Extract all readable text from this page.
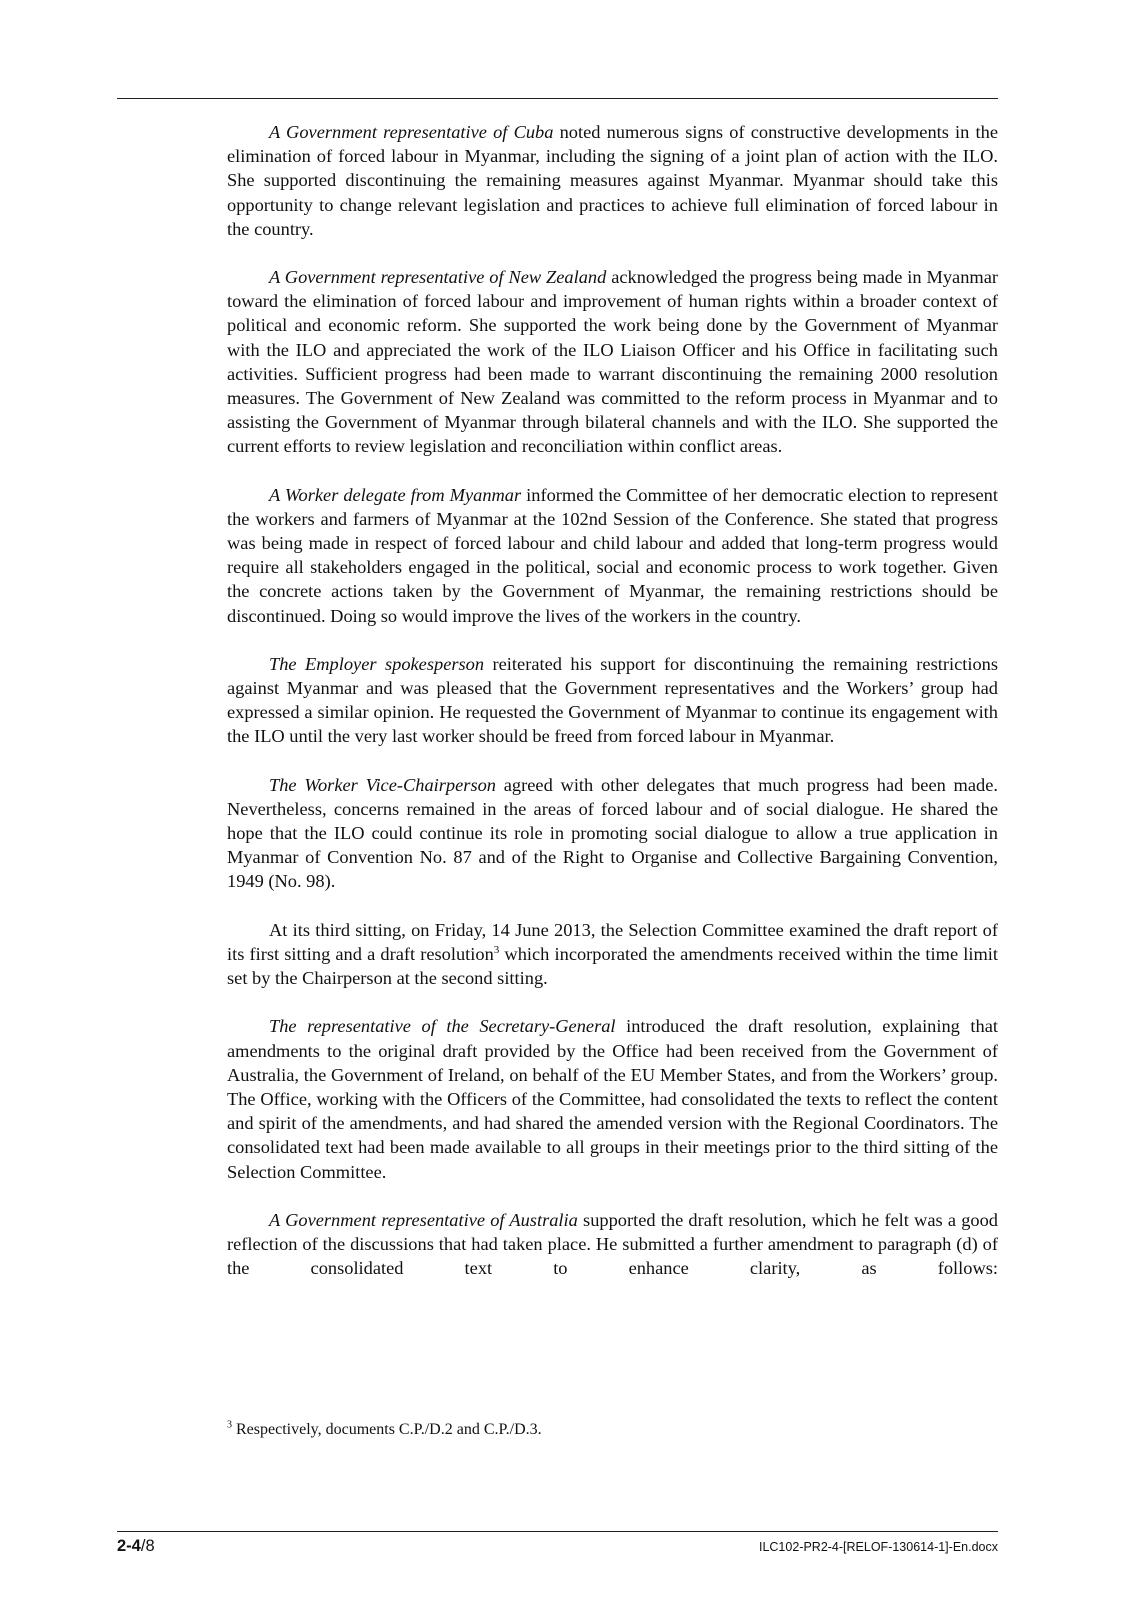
A Government representative of Cuba noted numerous signs of constructive developments in the elimination of forced labour in Myanmar, including the signing of a joint plan of action with the ILO. She supported discontinuing the remaining measures against Myanmar. Myanmar should take this opportunity to change relevant legislation and practices to achieve full elimination of forced labour in the country.

A Government representative of New Zealand acknowledged the progress being made in Myanmar toward the elimination of forced labour and improvement of human rights within a broader context of political and economic reform. She supported the work being done by the Government of Myanmar with the ILO and appreciated the work of the ILO Liaison Officer and his Office in facilitating such activities. Sufficient progress had been made to warrant discontinuing the remaining 2000 resolution measures. The Government of New Zealand was committed to the reform process in Myanmar and to assisting the Government of Myanmar through bilateral channels and with the ILO. She supported the current efforts to review legislation and reconciliation within conflict areas.

A Worker delegate from Myanmar informed the Committee of her democratic election to represent the workers and farmers of Myanmar at the 102nd Session of the Conference. She stated that progress was being made in respect of forced labour and child labour and added that long-term progress would require all stakeholders engaged in the political, social and economic process to work together. Given the concrete actions taken by the Government of Myanmar, the remaining restrictions should be discontinued. Doing so would improve the lives of the workers in the country.

The Employer spokesperson reiterated his support for discontinuing the remaining restrictions against Myanmar and was pleased that the Government representatives and the Workers’ group had expressed a similar opinion. He requested the Government of Myanmar to continue its engagement with the ILO until the very last worker should be freed from forced labour in Myanmar.

The Worker Vice-Chairperson agreed with other delegates that much progress had been made. Nevertheless, concerns remained in the areas of forced labour and of social dialogue. He shared the hope that the ILO could continue its role in promoting social dialogue to allow a true application in Myanmar of Convention No. 87 and of the Right to Organise and Collective Bargaining Convention, 1949 (No. 98).

At its third sitting, on Friday, 14 June 2013, the Selection Committee examined the draft report of its first sitting and a draft resolution$^3$ which incorporated the amendments received within the time limit set by the Chairperson at the second sitting.

The representative of the Secretary-General introduced the draft resolution, explaining that amendments to the original draft provided by the Office had been received from the Government of Australia, the Government of Ireland, on behalf of the EU Member States, and from the Workers’ group. The Office, working with the Officers of the Committee, had consolidated the texts to reflect the content and spirit of the amendments, and had shared the amended version with the Regional Coordinators. The consolidated text had been made available to all groups in their meetings prior to the third sitting of the Selection Committee.

A Government representative of Australia supported the draft resolution, which he felt was a good reflection of the discussions that had taken place. He submitted a further amendment to paragraph (d) of the consolidated text to enhance clarity, as follows:

$^3$ Respectively, documents C.P./D.2 and C.P./D.3.
2-4/8	ILC102-PR2-4-[RELOF-130614-1]-En.docx
